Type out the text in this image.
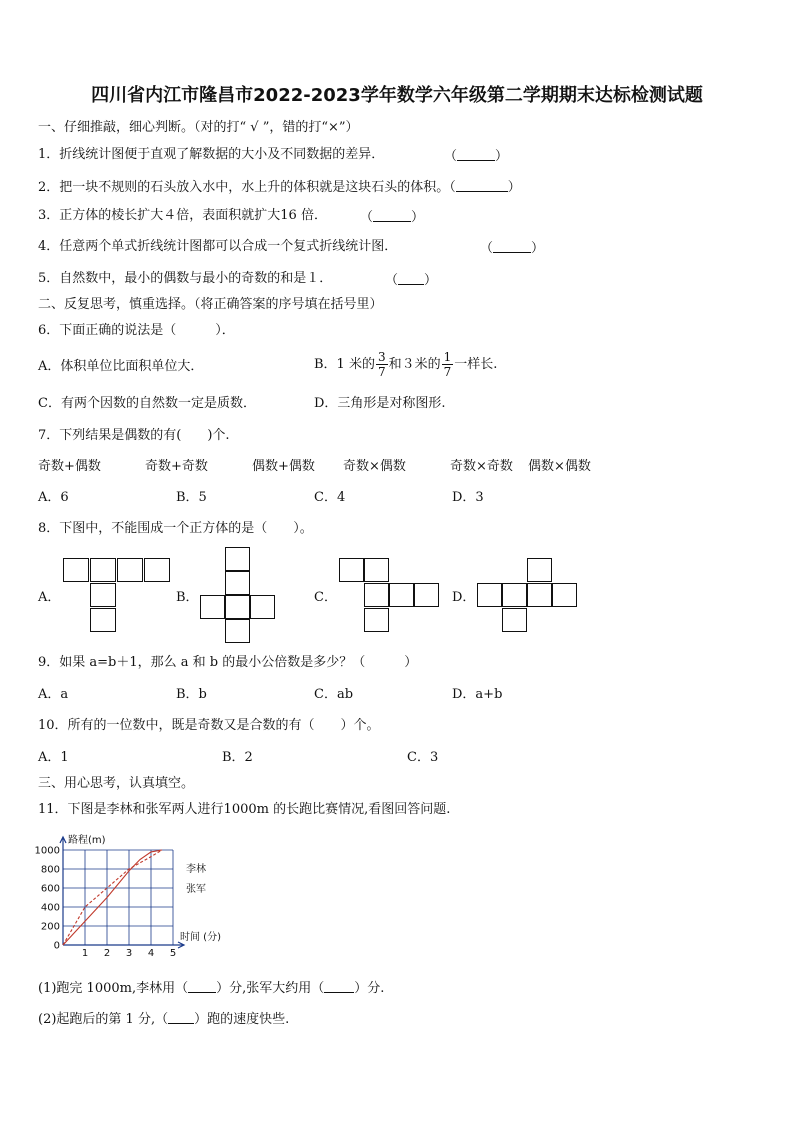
四川省内江市隆昌市2022-2023学年数学六年级第二学期期末达标检测试题
一、仔细推敲，细心判断。（对的打“ √ ”，错的打“×”）
1．折线统计图便于直观了解数据的大小及不同数据的差异．	（	）
2．把一块不规则的石头放入水中，水上升的体积就是这块石头的体积。（	）
3．正方体的棱长扩大４倍，表面积就扩大16 倍．	（	）
4．任意两个单式折线统计图都可以合成一个复式折线统计图．	（	）
5．自然数中，最小的偶数与最小的奇数的和是１．	（ ）
二、反复思考，慎重选择。（将正确答案的序号填在括号里）
6．下面正确的说法是（　　　）．
A．体积单位比面积单位大．	B．1 米的 $\frac{3}{7}$ 和３米的 $\frac{1}{7}$ 一样长.
C．有两个因数的自然数一定是质数．	D．三角形是对称图形.
7．下列结果是偶数的有(　　)个.
奇数+偶数	奇数+奇数	偶数+偶数 奇数×偶数	奇数×奇数 偶数×偶数
A．6	B．5	C．4	D．3
8．下图中，不能围成一个正方体的是（　　）。
A．	B．	C．	D．
9．如果 a=b＋1，那么 a 和 b 的最小公倍数是多少？（　　　）
A．a	B．b	C．ab	D．a+b
10．所有的一位数中，既是奇数又是合数的有（　　）个。
A．1	B．2	C．3
三、用心思考，认真填空。
11．下图是李林和张军两人进行1000m 的长跑比赛情况,看图回答问题.
1 2 3 4 5
0
200
400
600
800
1000
路程(m)
时间 (分)
李林
张军
(1)跑完 1000m,李林用（ ）分,张军大约用（ ）分.
(2)起跑后的第 1 分,（ ）跑的速度快些.
